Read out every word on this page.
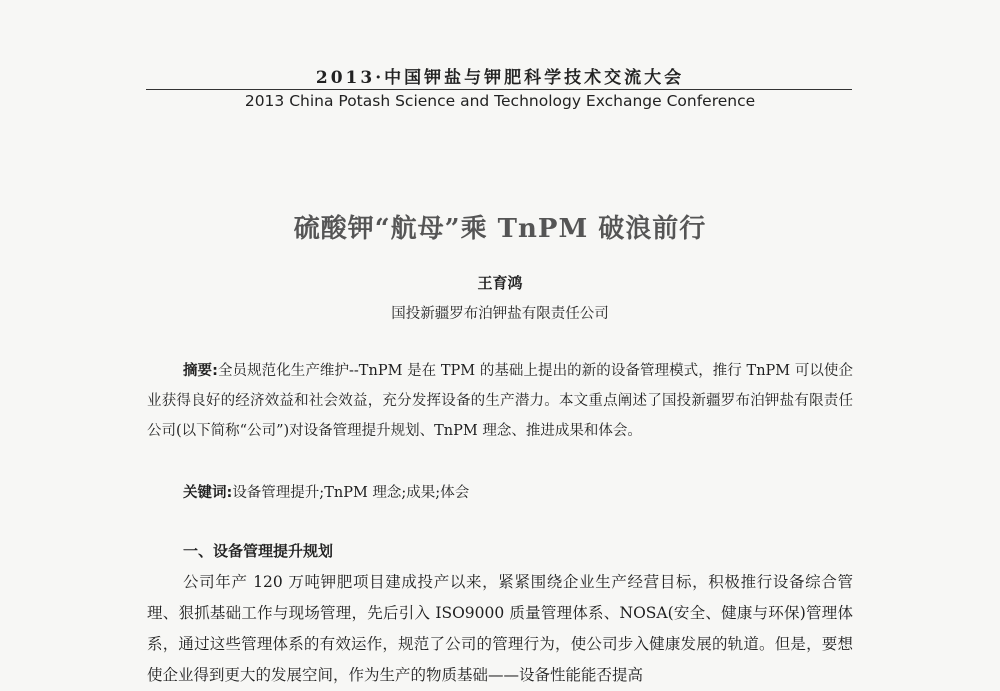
2013·中国钾盐与钾肥科学技术交流大会
2013 China Potash Science and Technology Exchange Conference
硫酸钾“航母”乘 TnPM 破浪前行
王育鸿
国投新疆罗布泊钾盐有限责任公司
摘要:全员规范化生产维护--TnPM 是在 TPM 的基础上提出的新的设备管理模式，推行 TnPM 可以使企业获得良好的经济效益和社会效益，充分发挥设备的生产潜力。本文重点阐述了国投新疆罗布泊钾盐有限责任公司(以下简称“公司”)对设备管理提升规划、TnPM 理念、推进成果和体会。
关键词:设备管理提升;TnPM 理念;成果;体会
一、设备管理提升规划
公司年产 120 万吨钾肥项目建成投产以来，紧紧围绕企业生产经营目标，积极推行设备综合管理、狠抓基础工作与现场管理，先后引入 ISO9000 质量管理体系、NOSA(安全、健康与环保)管理体系，通过这些管理体系的有效运作，规范了公司的管理行为，使公司步入健康发展的轨道。但是，要想使企业得到更大的发展空间，作为生产的物质基础——设备性能能否提高
